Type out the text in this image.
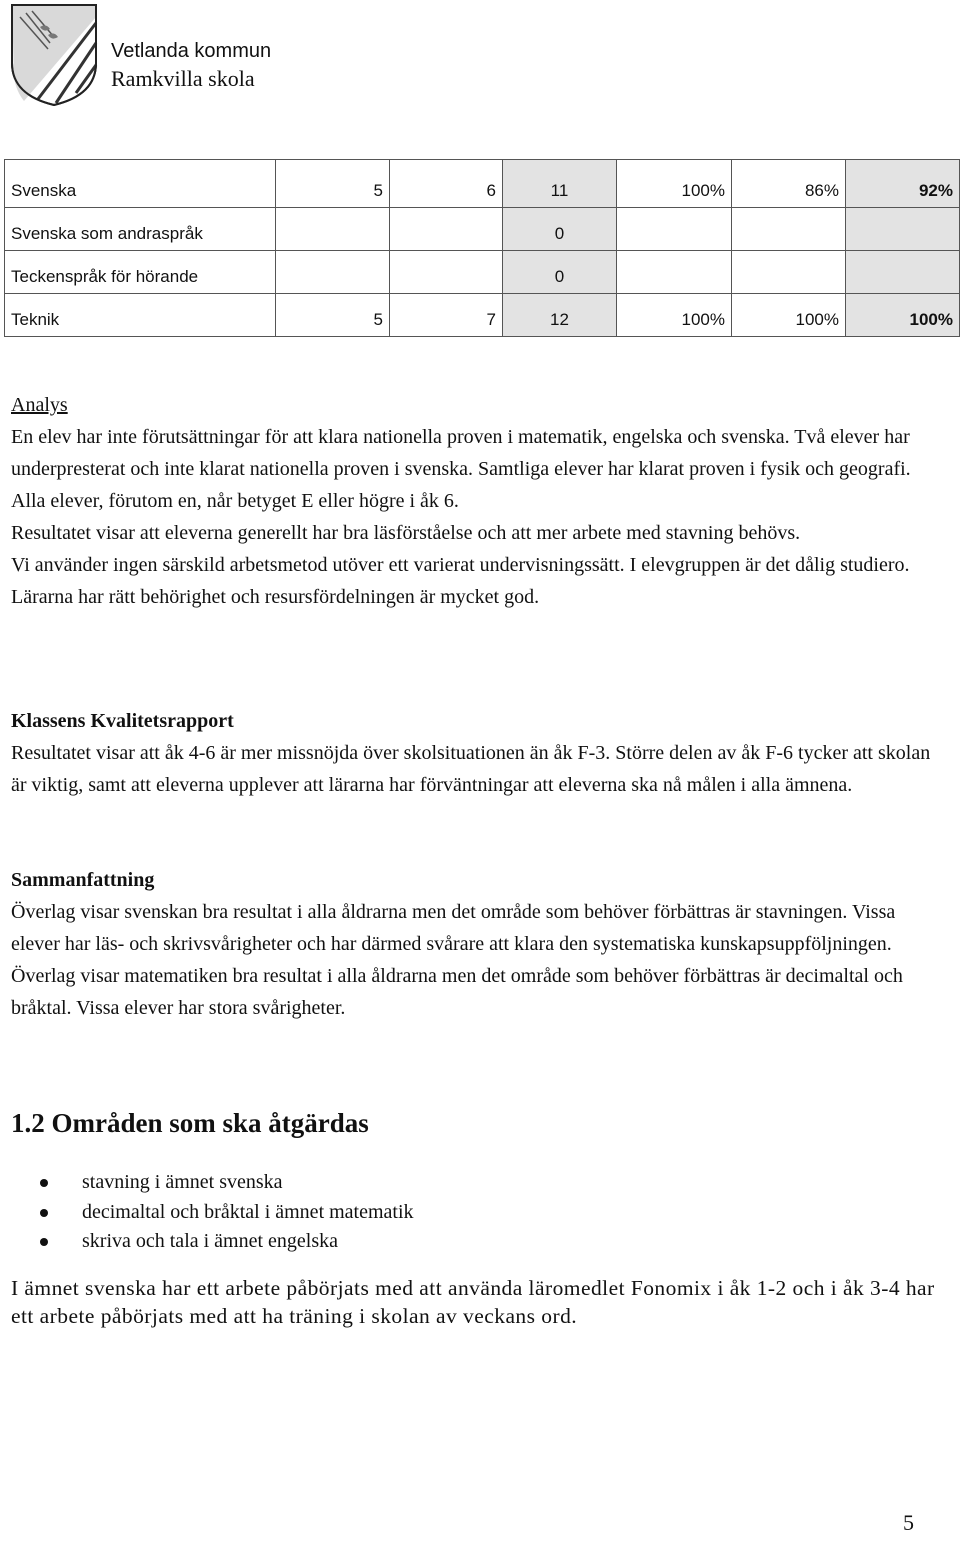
Vetlanda kommun
Ramkvilla skola
Svenska	5	6	11	100%	86%	92%
Svenska som andraspråk			0			
Teckenspråk för hörande			0			
Teknik	5	7	12	100%	100%	100%

Analys

En elev har inte förutsättningar för att klara nationella proven i matematik, engelska och svenska. Två elever har underpresterat och inte klarat nationella proven i svenska. Samtliga elever har klarat proven i fysik och geografi. Alla elever, förutom en, når betyget E eller högre i åk 6.

Resultatet visar att eleverna generellt har bra läsförståelse och att mer arbete med stavning behövs.

Vi använder ingen särskild arbetsmetod utöver ett varierat undervisningssätt. I elevgruppen är det dålig studiero. Lärarna har rätt behörighet och resursfördelningen är mycket god.

Klassens Kvalitetsrapport

Resultatet visar att åk 4-6 är mer missnöjda över skolsituationen än åk F-3. Större delen av åk F-6 tycker att skolan är viktig, samt att eleverna upplever att lärarna har förväntningar att eleverna ska nå målen i alla ämnena.

Sammanfattning

Överlag visar svenskan bra resultat i alla åldrarna men det område som behöver förbättras är stavningen. Vissa elever har läs- och skrivsvårigheter och har därmed svårare att klara den systematiska kunskapsuppföljningen.

Överlag visar matematiken bra resultat i alla åldrarna men det område som behöver förbättras är decimaltal och bråktal. Vissa elever har stora svårigheter.

1.2 Områden som ska åtgärdas
stavning i ämnet svenska
decimaltal och bråktal i ämnet matematik
skriva och tala i ämnet engelska
I ämnet svenska har ett arbete påbörjats med att använda läromedlet Fonomix i åk 1-2 och i åk 3-4 har ett arbete påbörjats med att ha träning i skolan av veckans ord.
5
